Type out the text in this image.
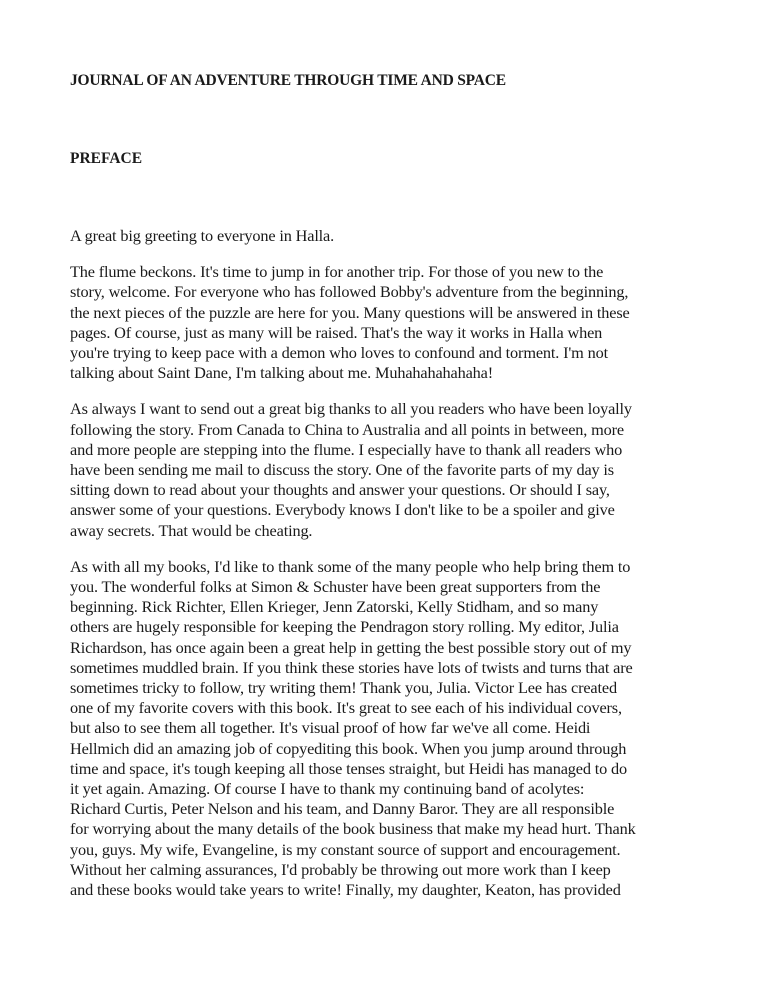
JOURNAL OF AN ADVENTURE THROUGH TIME AND SPACE
PREFACE

A great big greeting to everyone in Halla.

The flume beckons. It's time to jump in for another trip. For those of you new to the
story, welcome. For everyone who has followed Bobby's adventure from the beginning,
the next pieces of the puzzle are here for you. Many questions will be answered in these
pages. Of course, just as many will be raised. That's the way it works in Halla when
you're trying to keep pace with a demon who loves to confound and torment. I'm not
talking about Saint Dane, I'm talking about me. Muhahahahahaha!

As always I want to send out a great big thanks to all you readers who have been loyally
following the story. From Canada to China to Australia and all points in between, more
and more people are stepping into the flume. I especially have to thank all readers who
have been sending me mail to discuss the story. One of the favorite parts of my day is
sitting down to read about your thoughts and answer your questions. Or should I say,
answer some of your questions. Everybody knows I don't like to be a spoiler and give
away secrets. That would be cheating.

As with all my books, I'd like to thank some of the many people who help bring them to
you. The wonderful folks at Simon & Schuster have been great supporters from the
beginning. Rick Richter, Ellen Krieger, Jenn Zatorski, Kelly Stidham, and so many
others are hugely responsible for keeping the Pendragon story rolling. My editor, Julia
Richardson, has once again been a great help in getting the best possible story out of my
sometimes muddled brain. If you think these stories have lots of twists and turns that are
sometimes tricky to follow, try writing them! Thank you, Julia. Victor Lee has created
one of my favorite covers with this book. It's great to see each of his individual covers,
but also to see them all together. It's visual proof of how far we've all come. Heidi
Hellmich did an amazing job of copyediting this book. When you jump around through
time and space, it's tough keeping all those tenses straight, but Heidi has managed to do
it yet again. Amazing. Of course I have to thank my continuing band of acolytes:
Richard Curtis, Peter Nelson and his team, and Danny Baror. They are all responsible
for worrying about the many details of the book business that make my head hurt. Thank
you, guys. My wife, Evangeline, is my constant source of support and encouragement.
Without her calming assurances, I'd probably be throwing out more work than I keep
and these books would take years to write! Finally, my daughter, Keaton, has provided
